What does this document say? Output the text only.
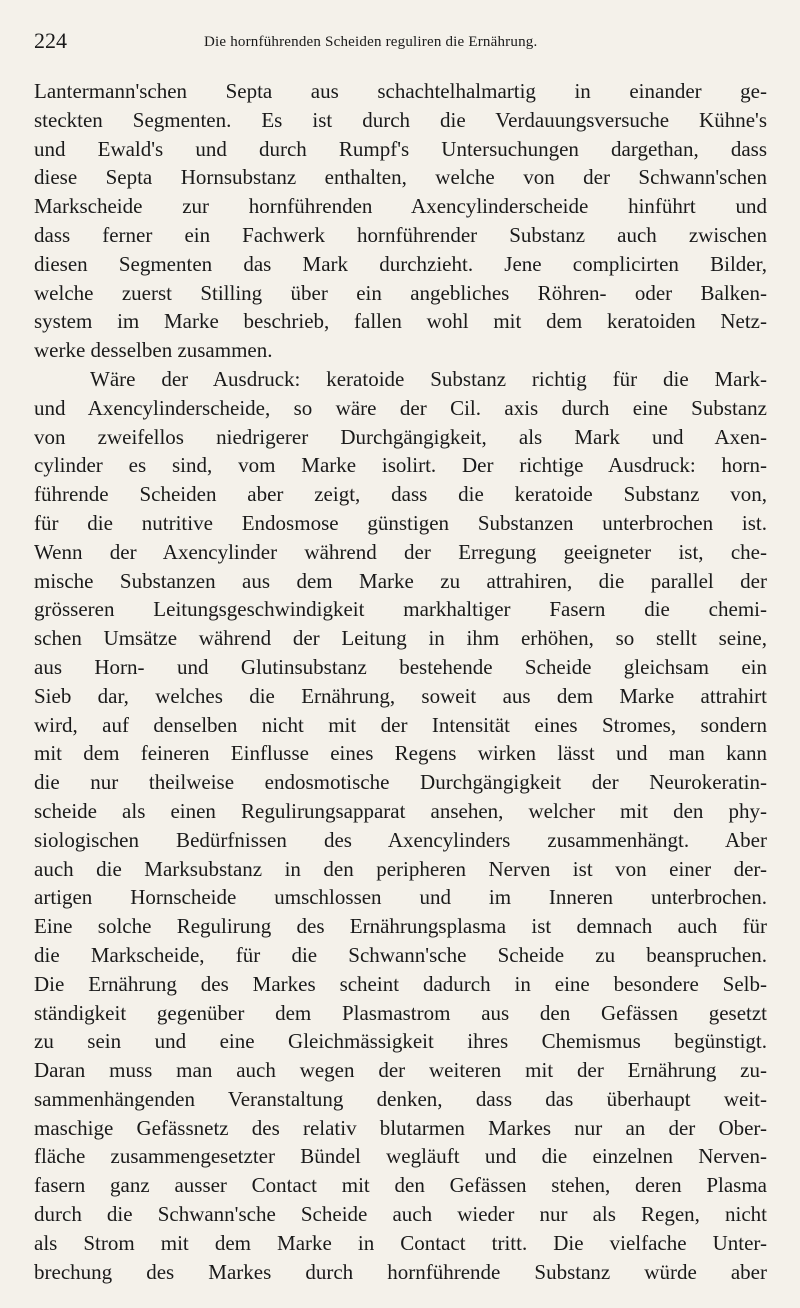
224	Die hornführenden Scheiden reguliren die Ernährung.
Lantermann'schen Septa aus schachtelhalmartig in einander ge-
steckten Segmenten. Es ist durch die Verdauungsversuche Kühne's
und Ewald's und durch Rumpf's Untersuchungen dargethan, dass
diese Septa Hornsubstanz enthalten, welche von der Schwann'schen
Markscheide zur hornführenden Axencylinderscheide hinführt und
dass ferner ein Fachwerk hornführender Substanz auch zwischen
diesen Segmenten das Mark durchzieht. Jene complicirten Bilder,
welche zuerst Stilling über ein angebliches Röhren- oder Balken-
system im Marke beschrieb, fallen wohl mit dem keratoiden Netz-
werke desselben zusammen.
Wäre der Ausdruck: keratoide Substanz richtig für die Mark-
und Axencylinderscheide, so wäre der Cil. axis durch eine Substanz
von zweifellos niedrigerer Durchgängigkeit, als Mark und Axen-
cylinder es sind, vom Marke isolirt. Der richtige Ausdruck: horn-
führende Scheiden aber zeigt, dass die keratoide Substanz von,
für die nutritive Endosmose günstigen Substanzen unterbrochen ist.
Wenn der Axencylinder während der Erregung geeigneter ist, che-
mische Substanzen aus dem Marke zu attrahiren, die parallel der
grösseren Leitungsgeschwindigkeit markhaltiger Fasern die chemi-
schen Umsätze während der Leitung in ihm erhöhen, so stellt seine,
aus Horn- und Glutinsubstanz bestehende Scheide gleichsam ein
Sieb dar, welches die Ernährung, soweit aus dem Marke attrahirt
wird, auf denselben nicht mit der Intensität eines Stromes, sondern
mit dem feineren Einflusse eines Regens wirken lässt und man kann
die nur theilweise endosmotische Durchgängigkeit der Neurokeratin-
scheide als einen Regulirungsapparat ansehen, welcher mit den phy-
siologischen Bedürfnissen des Axencylinders zusammenhängt. Aber
auch die Marksubstanz in den peripheren Nerven ist von einer der-
artigen Hornscheide umschlossen und im Inneren unterbrochen.
Eine solche Regulirung des Ernährungsplasma ist demnach auch für
die Markscheide, für die Schwann'sche Scheide zu beanspruchen.
Die Ernährung des Markes scheint dadurch in eine besondere Selb-
ständigkeit gegenüber dem Plasmastrom aus den Gefässen gesetzt
zu sein und eine Gleichmässigkeit ihres Chemismus begünstigt.
Daran muss man auch wegen der weiteren mit der Ernährung zu-
sammenhängenden Veranstaltung denken, dass das überhaupt weit-
maschige Gefässnetz des relativ blutarmen Markes nur an der Ober-
fläche zusammengesetzter Bündel wegläuft und die einzelnen Nerven-
fasern ganz ausser Contact mit den Gefässen stehen, deren Plasma
durch die Schwann'sche Scheide auch wieder nur als Regen, nicht
als Strom mit dem Marke in Contact tritt. Die vielfache Unter-
brechung des Markes durch hornführende Substanz würde aber
